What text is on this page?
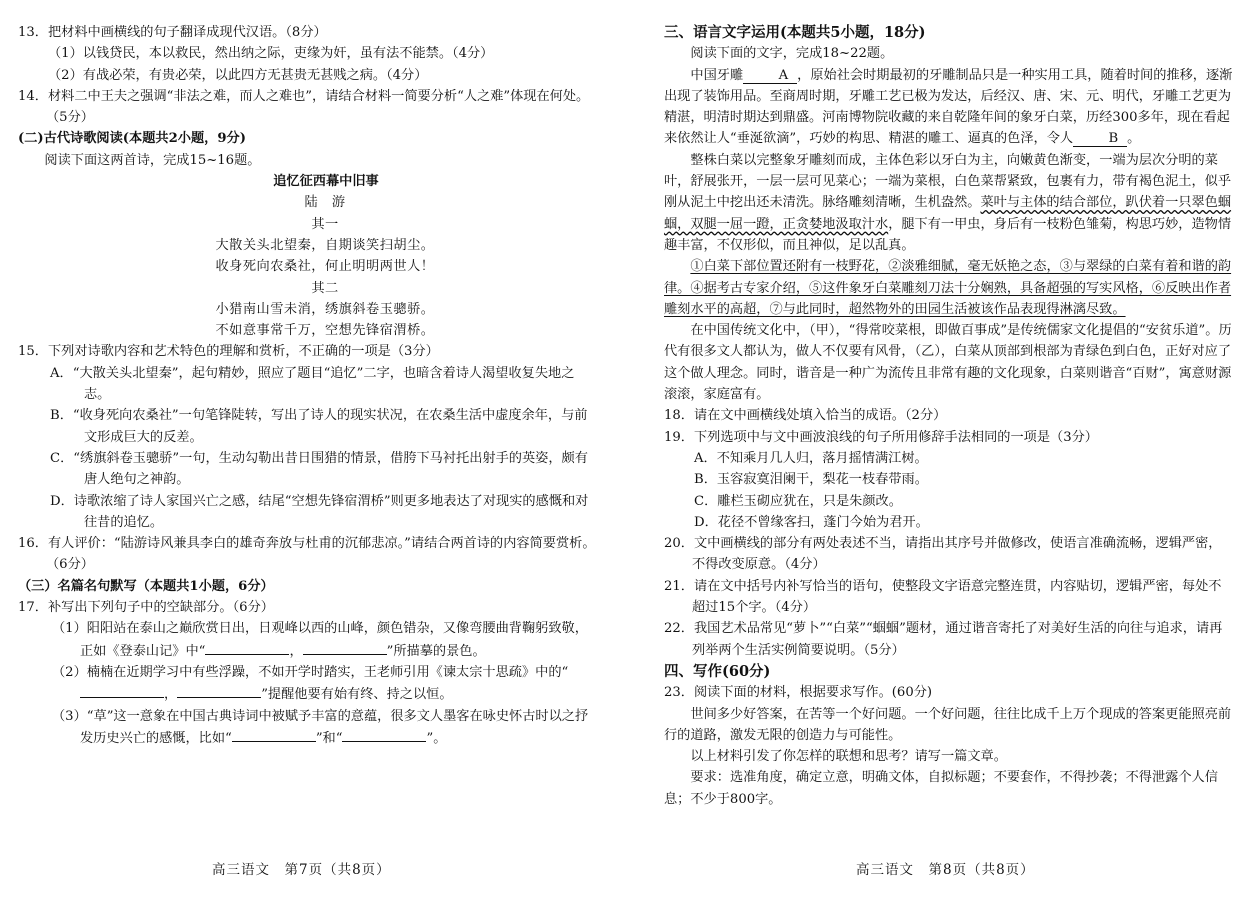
13．把材料中画横线的句子翻译成现代汉语。（8分）

（1）以钱贷民，本以救民，然出纳之际，吏缘为奸，虽有法不能禁。（4分）

（2）有战必荣，有贵必荣，以此四方无甚贵无甚贱之病。（4分）

14．材料二中王夫之强调“非法之难，而人之难也”，请结合材料一简要分析“人之难”体现在何处。（5分）

(二)古代诗歌阅读(本题共2小题，9分)

阅读下面这两首诗，完成15~16题。

追忆征西幕中旧事

陆　游

其一

大散关头北望秦，自期谈笑扫胡尘。

收身死向农桑社，何止明明两世人！

其二

小猎南山雪未消，绣旗斜卷玉骢骄。

不如意事常千万，空想先锋宿渭桥。

15．下列对诗歌内容和艺术特色的理解和赏析，不正确的一项是（3分）

A．“大散关头北望秦”，起句精妙，照应了题目“追忆”二字，也暗含着诗人渴望收复失地之志。

B．“收身死向农桑社”一句笔锋陡转，写出了诗人的现实状况，在农桑生活中虚度余年，与前文形成巨大的反差。

C．“绣旗斜卷玉骢骄”一句，生动勾勒出昔日围猎的情景，借胯下马衬托出射手的英姿，颇有唐人绝句之神韵。

D．诗歌浓缩了诗人家国兴亡之感，结尾“空想先锋宿渭桥”则更多地表达了对现实的感慨和对往昔的追忆。

16．有人评价：“陆游诗风兼具李白的雄奇奔放与杜甫的沉郁悲凉。”请结合两首诗的内容简要赏析。（6分）

（三）名篇名句默写（本题共1小题，6分）

17．补写出下列句子中的空缺部分。（6分）

（1）阳阳站在泰山之巅欣赏日出，日观峰以西的山峰，颜色错杂，又像弯腰曲背鞠躬致敬，正如《登泰山记》中“	，	”所描摹的景色。

（2）楠楠在近期学习中有些浮躁，不如开学时踏实，王老师引用《谏太宗十思疏》中的“，	”提醒他要有始有终、持之以恒。

（3）“草”这一意象在中国古典诗词中被赋予丰富的意蕴，很多文人墨客在咏史怀古时以之抒发历史兴亡的感慨，比如“	”和“	”。

三、语言文字运用(本题共5小题，18分)

阅读下面的文字，完成18~22题。

中国牙雕	A ，原始社会时期最初的牙雕制品只是一种实用工具，随着时间的推移，逐渐出现了装饰用品。至商周时期，牙雕工艺已极为发达，后经汉、唐、宋、元、明代，牙雕工艺更为精湛，明清时期达到鼎盛。河南博物院收藏的来自乾隆年间的象牙白菜，历经300多年，现在看起来依然让人“垂涎欲滴”，巧妙的构思、精湛的雕工、逼真的色泽，令人	B 。

整株白菜以完整象牙雕刻而成，主体色彩以牙白为主，向嫩黄色渐变，一端为层次分明的菜叶，舒展张开，一层一层可见菜心；一端为菜根，白色菜帮紧致，包裹有力，带有褐色泥土，似乎刚从泥土中挖出还未清洗。脉络雕刻清晰，生机盎然。菜叶与主体的结合部位，趴伏着一只翠色蝈蝈，双腿一屈一蹬，正贪婪地汲取汁水，腿下有一甲虫，身后有一枝粉色雏菊，构思巧妙，造物情趣丰富，不仅形似，而且神似，足以乱真。

①白菜下部位置还附有一枝野花，②淡雅细腻，毫无妖艳之态，③与翠绿的白菜有着和谐的韵律。④据考古专家介绍，⑤这件象牙白菜雕刻刀法十分娴熟，具备超强的写实风格，⑥反映出作者雕刻水平的高超，⑦与此同时，超然物外的田园生活被该作品表现得淋漓尽致。

在中国传统文化中，（甲），“得常咬菜根，即做百事成”是传统儒家文化提倡的“安贫乐道”。历代有很多文人都认为，做人不仅要有风骨，（乙），白菜从顶部到根部为青绿色到白色，正好对应了这个做人理念。同时，谐音是一种广为流传且非常有趣的文化现象，白菜则谐音“百财”，寓意财源滚滚，家庭富有。

18．请在文中画横线处填入恰当的成语。（2分）

19．下列选项中与文中画波浪线的句子所用修辞手法相同的一项是（3分）

A．不知乘月几人归，落月摇情满江树。

B．玉容寂寞泪阑干，梨花一枝春带雨。

C．雕栏玉砌应犹在，只是朱颜改。

D．花径不曾缘客扫，蓬门今始为君开。

20．文中画横线的部分有两处表述不当，请指出其序号并做修改，使语言准确流畅，逻辑严密，不得改变原意。（4分）

21．请在文中括号内补写恰当的语句，使整段文字语意完整连贯，内容贴切，逻辑严密，每处不超过15个字。（4分）

22．我国艺术品常见“萝卜”“白菜”“蝈蝈”题材，通过谐音寄托了对美好生活的向往与追求，请再列举两个生活实例简要说明。（5分）

四、写作(60分)

23．阅读下面的材料，根据要求写作。(60分)

世间多少好答案，在苦等一个好问题。一个好问题，往往比成千上万个现成的答案更能照亮前行的道路，激发无限的创造力与可能性。

以上材料引发了你怎样的联想和思考？请写一篇文章。

要求：选准角度，确定立意，明确文体，自拟标题；不要套作，不得抄袭；不得泄露个人信息；不少于800字。

高三语文　第7页（共8页）	高三语文　第8页（共8页）
